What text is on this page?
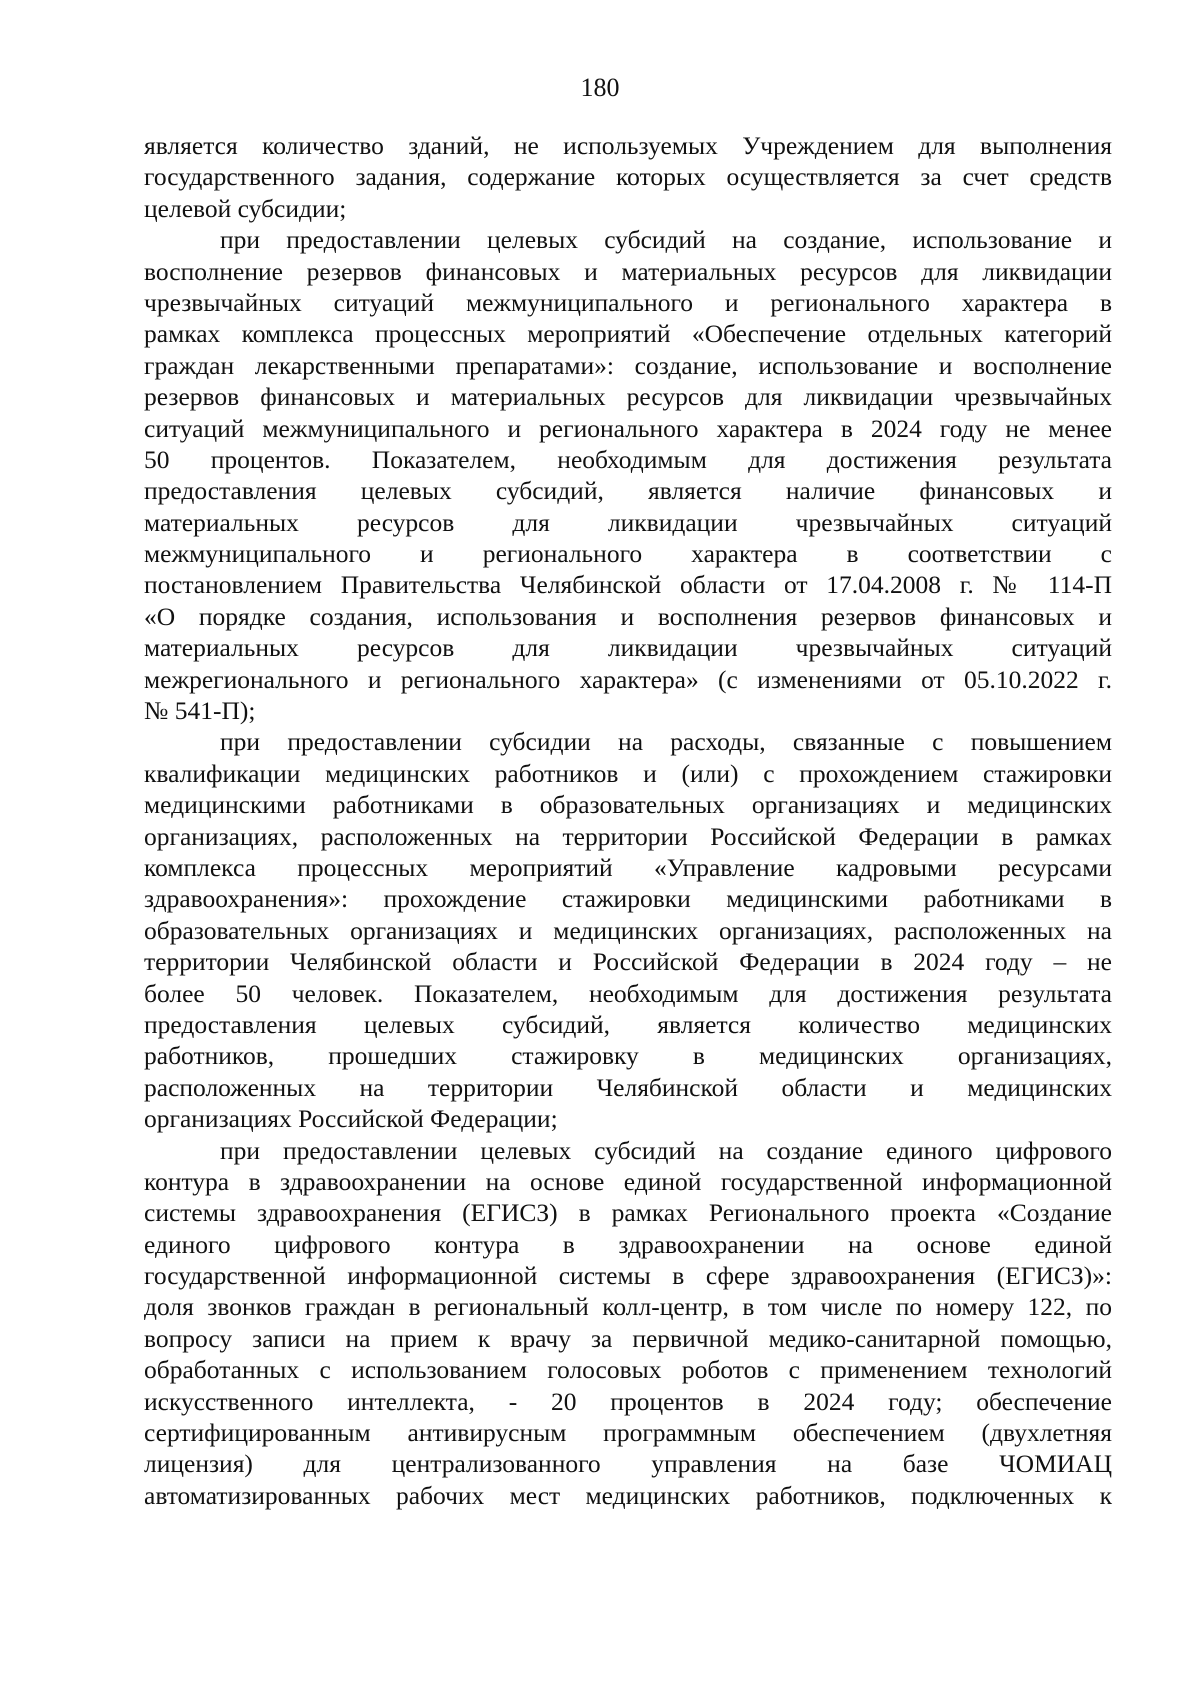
180
является количество зданий, не используемых Учреждением для выполнения
государственного задания, содержание которых осуществляется за счет средств
целевой субсидии;
при предоставлении целевых субсидий на создание, использование и
восполнение резервов финансовых и материальных ресурсов для ликвидации
чрезвычайных ситуаций межмуниципального и регионального характера в
рамках комплекса процессных мероприятий «Обеспечение отдельных категорий
граждан лекарственными препаратами»: создание, использование и восполнение
резервов финансовых и материальных ресурсов для ликвидации чрезвычайных
ситуаций межмуниципального и регионального характера в 2024 году не менее
50 процентов. Показателем, необходимым для достижения результата
предоставления целевых субсидий, является наличие финансовых и
материальных ресурсов для ликвидации чрезвычайных ситуаций
межмуниципального и регионального характера в соответствии с
постановлением Правительства Челябинской области от 17.04.2008 г. № 114-П
«О порядке создания, использования и восполнения резервов финансовых и
материальных ресурсов для ликвидации чрезвычайных ситуаций
межрегионального и регионального характера» (с изменениями от 05.10.2022 г.
№ 541-П);
при предоставлении субсидии на расходы, связанные с повышением
квалификации медицинских работников и (или) с прохождением стажировки
медицинскими работниками в образовательных организациях и медицинских
организациях, расположенных на территории Российской Федерации в рамках
комплекса процессных мероприятий «Управление кадровыми ресурсами
здравоохранения»: прохождение стажировки медицинскими работниками в
образовательных организациях и медицинских организациях, расположенных на
территории Челябинской области и Российской Федерации в 2024 году – не
более 50 человек. Показателем, необходимым для достижения результата
предоставления целевых субсидий, является количество медицинских
работников, прошедших стажировку в медицинских организациях,
расположенных на территории Челябинской области и медицинских
организациях Российской Федерации;
при предоставлении целевых субсидий на создание единого цифрового
контура в здравоохранении на основе единой государственной информационной
системы здравоохранения (ЕГИСЗ) в рамках Регионального проекта «Создание
единого цифрового контура в здравоохранении на основе единой
государственной информационной системы в сфере здравоохранения (ЕГИСЗ)»:
доля звонков граждан в региональный колл-центр, в том числе по номеру 122, по
вопросу записи на прием к врачу за первичной медико-санитарной помощью,
обработанных с использованием голосовых роботов с применением технологий
искусственного интеллекта, - 20 процентов в 2024 году; обеспечение
сертифицированным антивирусным программным обеспечением (двухлетняя
лицензия) для централизованного управления на базе ЧОМИАЦ
автоматизированных рабочих мест медицинских работников, подключенных к
